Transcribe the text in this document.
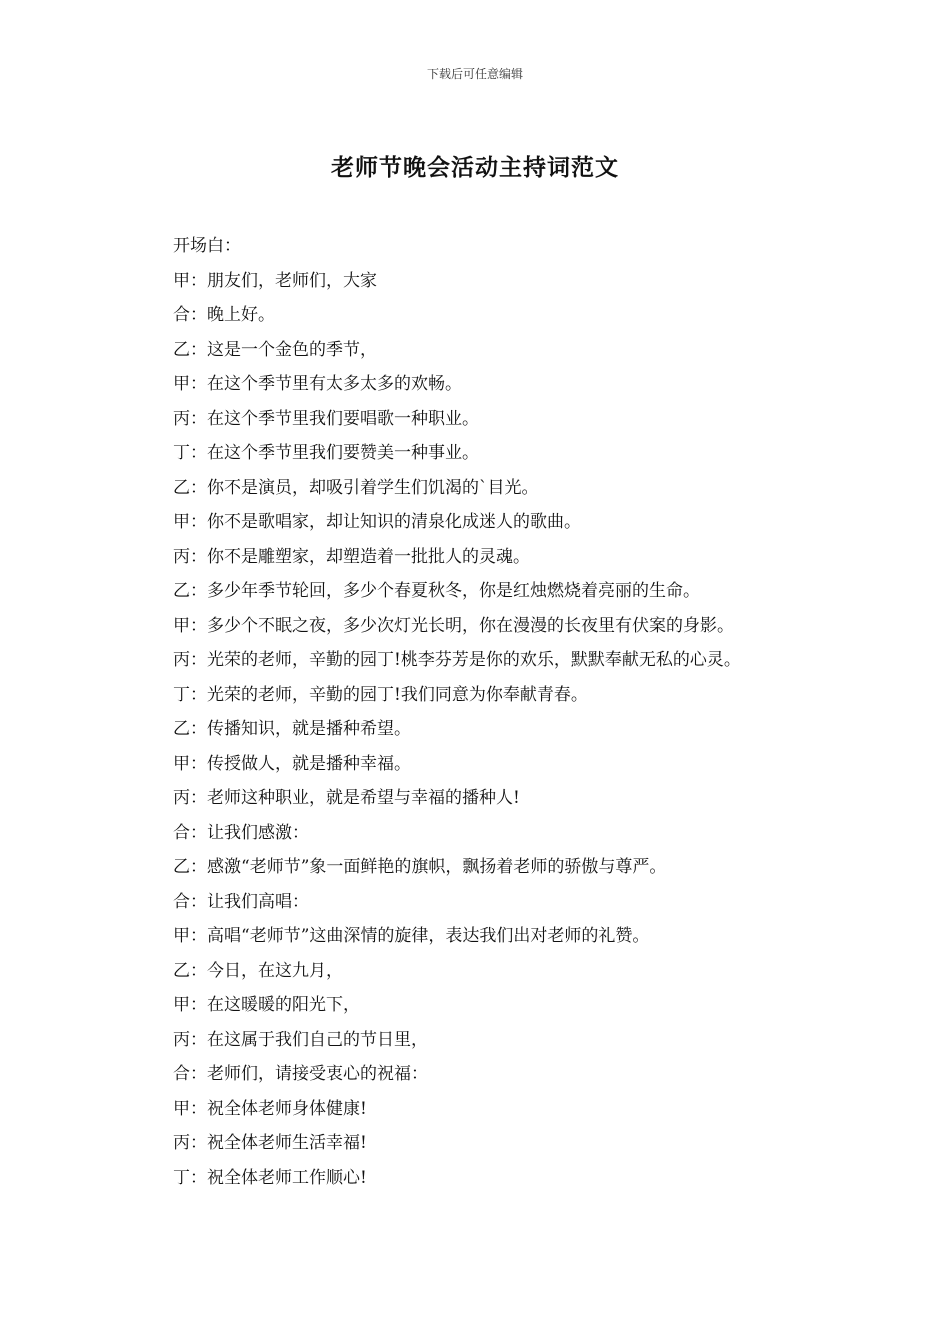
下载后可任意编辑
老师节晚会活动主持词范文
开场白：
甲：朋友们，老师们，大家
合：晚上好。
乙：这是一个金色的季节，
甲：在这个季节里有太多太多的欢畅。
丙：在这个季节里我们要唱歌一种职业。
丁：在这个季节里我们要赞美一种事业。
乙：你不是演员，却吸引着学生们饥渴的`目光。
甲：你不是歌唱家，却让知识的清泉化成迷人的歌曲。
丙：你不是雕塑家，却塑造着一批批人的灵魂。
乙：多少年季节轮回，多少个春夏秋冬，你是红烛燃烧着亮丽的生命。
甲：多少个不眠之夜，多少次灯光长明，你在漫漫的长夜里有伏案的身影。
丙：光荣的老师，辛勤的园丁!桃李芬芳是你的欢乐，默默奉献无私的心灵。
丁：光荣的老师，辛勤的园丁!我们同意为你奉献青春。
乙：传播知识，就是播种希望。
甲：传授做人，就是播种幸福。
丙：老师这种职业，就是希望与幸福的播种人!
合：让我们感激：
乙：感激“老师节”象一面鲜艳的旗帜，飘扬着老师的骄傲与尊严。
合：让我们高唱：
甲：高唱“老师节”这曲深情的旋律，表达我们出对老师的礼赞。
乙：今日，在这九月，
甲：在这暖暖的阳光下，
丙：在这属于我们自己的节日里，
合：老师们，请接受衷心的祝福：
甲：祝全体老师身体健康!
丙：祝全体老师生活幸福!
丁：祝全体老师工作顺心!
